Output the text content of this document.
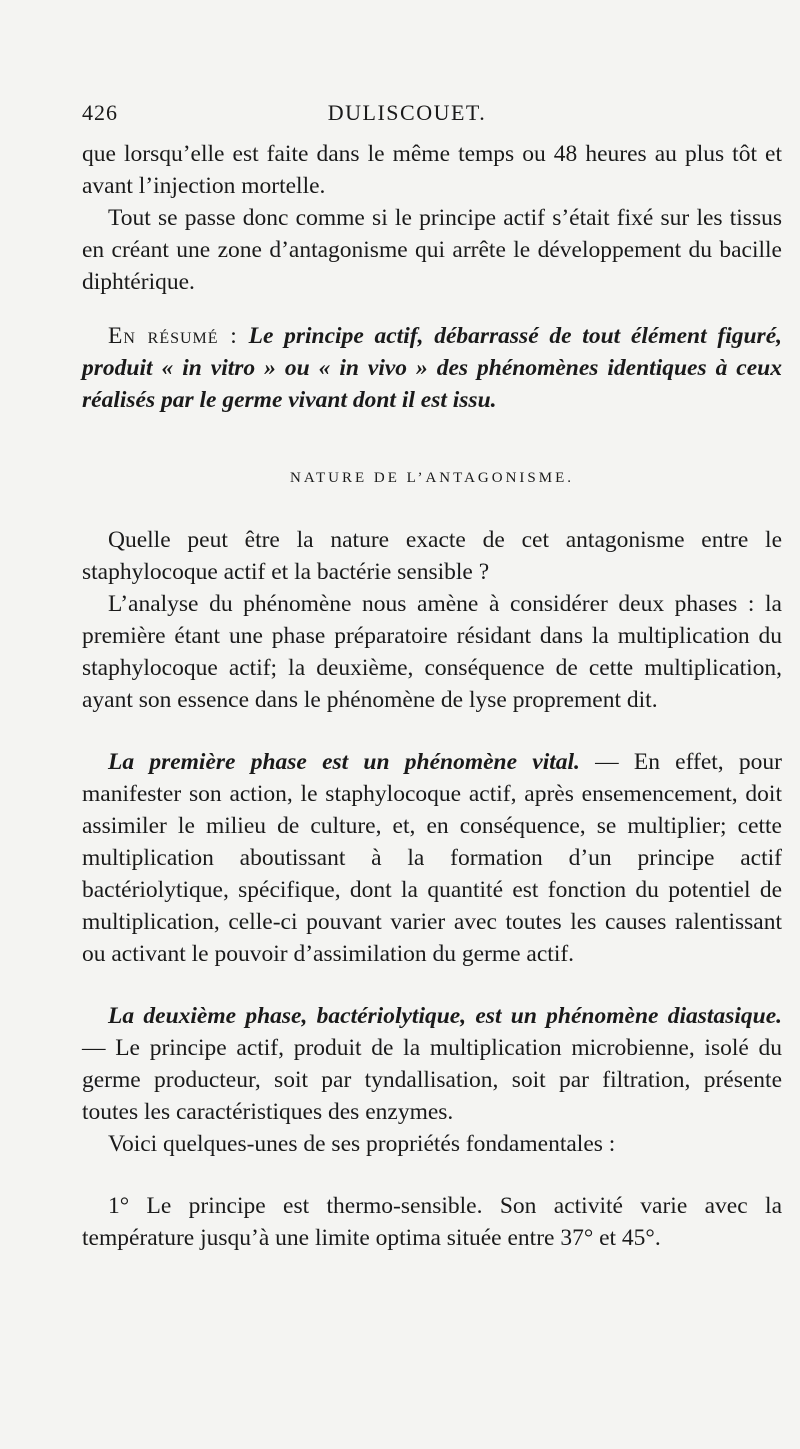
426	DULISCOUET.

que lorsqu’elle est faite dans le même temps ou 48 heures au plus tôt et avant l’injection mortelle.

Tout se passe donc comme si le principe actif s’était fixé sur les tissus en créant une zone d’antagonisme qui arrête le développement du bacille diphtérique.

En résumé : Le principe actif, débarrassé de tout élément figuré, produit « in vitro » ou « in vivo » des phénomènes identiques à ceux réalisés par le germe vivant dont il est issu.

NATURE DE L’ANTAGONISME.

Quelle peut être la nature exacte de cet antagonisme entre le staphylocoque actif et la bactérie sensible ?

L’analyse du phénomène nous amène à considérer deux phases : la première étant une phase préparatoire résidant dans la multiplication du staphylocoque actif; la deuxième, conséquence de cette multiplication, ayant son essence dans le phénomène de lyse proprement dit.

La première phase est un phénomène vital. — En effet, pour manifester son action, le staphylocoque actif, après ensemencement, doit assimiler le milieu de culture, et, en conséquence, se multiplier; cette multiplication aboutissant à la formation d’un principe actif bactériolytique, spécifique, dont la quantité est fonction du potentiel de multiplication, celle-ci pouvant varier avec toutes les causes ralentissant ou activant le pouvoir d’assimilation du germe actif.

La deuxième phase, bactériolytique, est un phénomène diastasique. — Le principe actif, produit de la multiplication microbienne, isolé du germe producteur, soit par tyndallisation, soit par filtration, présente toutes les caractéristiques des enzymes.

Voici quelques-unes de ses propriétés fondamentales :

1° Le principe est thermo-sensible. Son activité varie avec la température jusqu’à une limite optima située entre 37° et 45°.
